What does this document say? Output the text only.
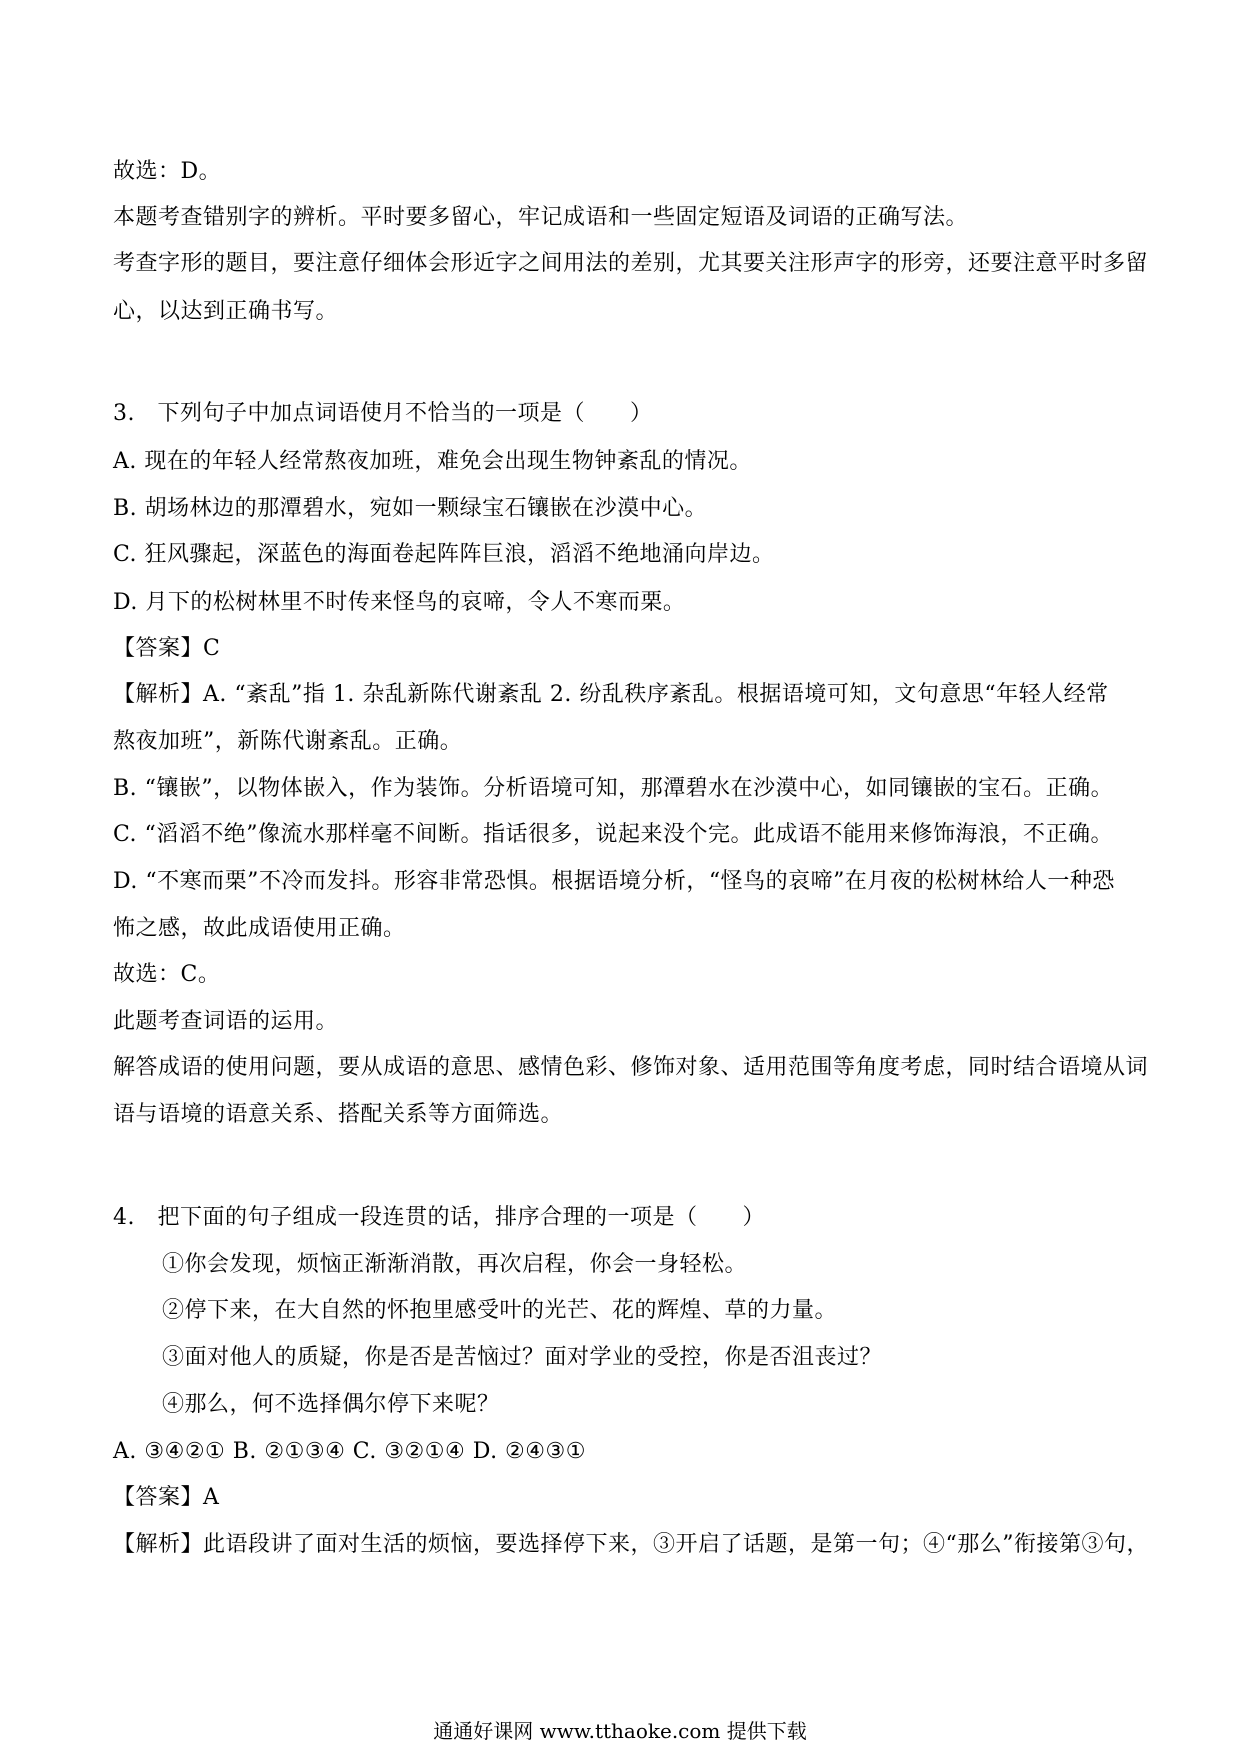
故选：D。
本题考查错别字的辨析。平时要多留心，牢记成语和一些固定短语及词语的正确写法。
考查字形的题目，要注意仔细体会形近字之间用法的差别，尤其要关注形声字的形旁，还要注意平时多留
心，以达到正确书写。
3.　下列句子中加点词语使月不恰当的一项是（　　）
A. 现在的年轻人经常熬夜加班，难免会出现生物钟紊乱的情况。
B. 胡场林边的那潭碧水，宛如一颗绿宝石镶嵌在沙漠中心。
C. 狂风骤起，深蓝色的海面卷起阵阵巨浪，滔滔不绝地涌向岸边。
D. 月下的松树林里不时传来怪鸟的哀啼，令人不寒而栗。
【答案】C
【解析】A. “紊乱”指 1. 杂乱新陈代谢紊乱 2. 纷乱秩序紊乱。根据语境可知，文句意思“年轻人经常
熬夜加班”，新陈代谢紊乱。正确。
B. “镶嵌”，以物体嵌入，作为装饰。分析语境可知，那潭碧水在沙漠中心，如同镶嵌的宝石。正确。
C. “滔滔不绝”像流水那样毫不间断。指话很多，说起来没个完。此成语不能用来修饰海浪，不正确。
D. “不寒而栗”不冷而发抖。形容非常恐惧。根据语境分析，“怪鸟的哀啼”在月夜的松树林给人一种恐
怖之感，故此成语使用正确。
故选：C。
此题考查词语的运用。
解答成语的使用问题，要从成语的意思、感情色彩、修饰对象、适用范围等角度考虑，同时结合语境从词
语与语境的语意关系、搭配关系等方面筛选。
4.　把下面的句子组成一段连贯的话，排序合理的一项是（　　）
①你会发现，烦恼正渐渐消散，再次启程，你会一身轻松。
②停下来，在大自然的怀抱里感受叶的光芒、花的辉煌、草的力量。
③面对他人的质疑，你是否是苦恼过？面对学业的受控，你是否沮丧过？
④那么，何不选择偶尔停下来呢？
A. ③④②① B. ②①③④ C. ③②①④ D. ②④③①
【答案】A
【解析】此语段讲了面对生活的烦恼，要选择停下来，③开启了话题，是第一句；④“那么”衔接第③句，
通通好课网 www.tthaoke.com 提供下载
